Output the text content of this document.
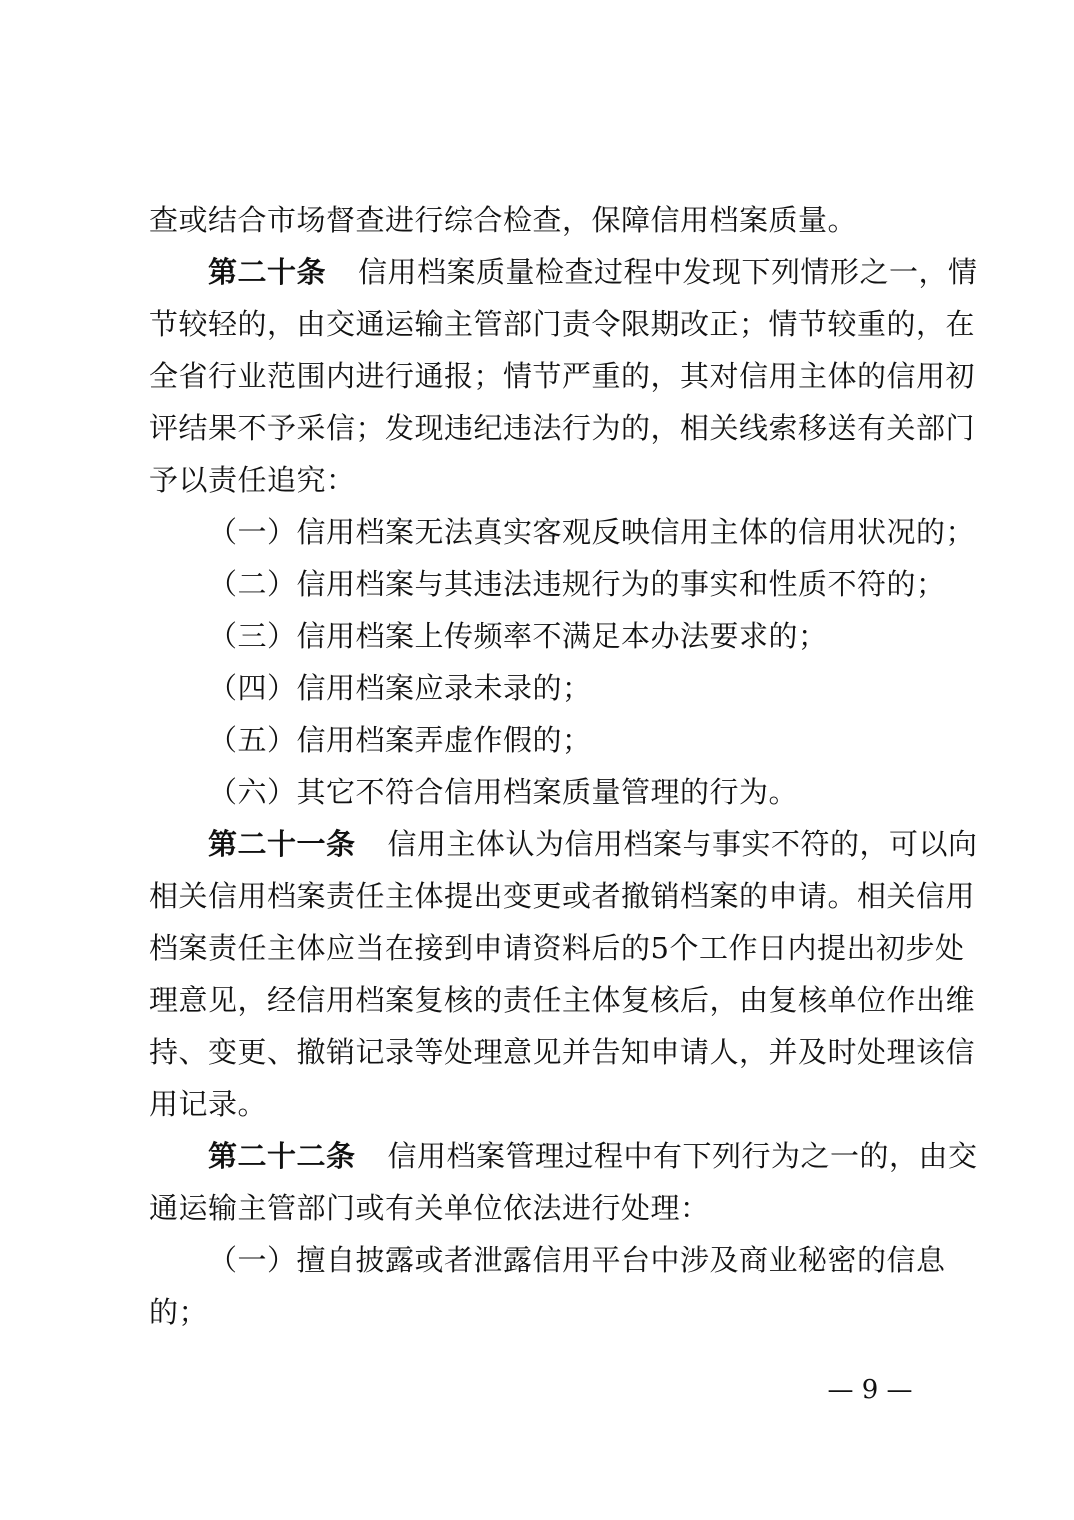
查或结合市场督查进行综合检查，保障信用档案质量。
第二十条 信用档案质量检查过程中发现下列情形之一，情
节较轻的，由交通运输主管部门责令限期改正；情节较重的，在
全省行业范围内进行通报；情节严重的，其对信用主体的信用初
评结果不予采信；发现违纪违法行为的，相关线索移送有关部门
予以责任追究：
（一）信用档案无法真实客观反映信用主体的信用状况的；
（二）信用档案与其违法违规行为的事实和性质不符的；
（三）信用档案上传频率不满足本办法要求的；
（四）信用档案应录未录的；
（五）信用档案弄虚作假的；
（六）其它不符合信用档案质量管理的行为。
第二十一条 信用主体认为信用档案与事实不符的，可以向
相关信用档案责任主体提出变更或者撤销档案的申请。相关信用
档案责任主体应当在接到申请资料后的5个工作日内提出初步处
理意见，经信用档案复核的责任主体复核后，由复核单位作出维
持、变更、撤销记录等处理意见并告知申请人，并及时处理该信
用记录。
第二十二条 信用档案管理过程中有下列行为之一的，由交
通运输主管部门或有关单位依法进行处理：
（一）擅自披露或者泄露信用平台中涉及商业秘密的信息
的；
— 9 —
